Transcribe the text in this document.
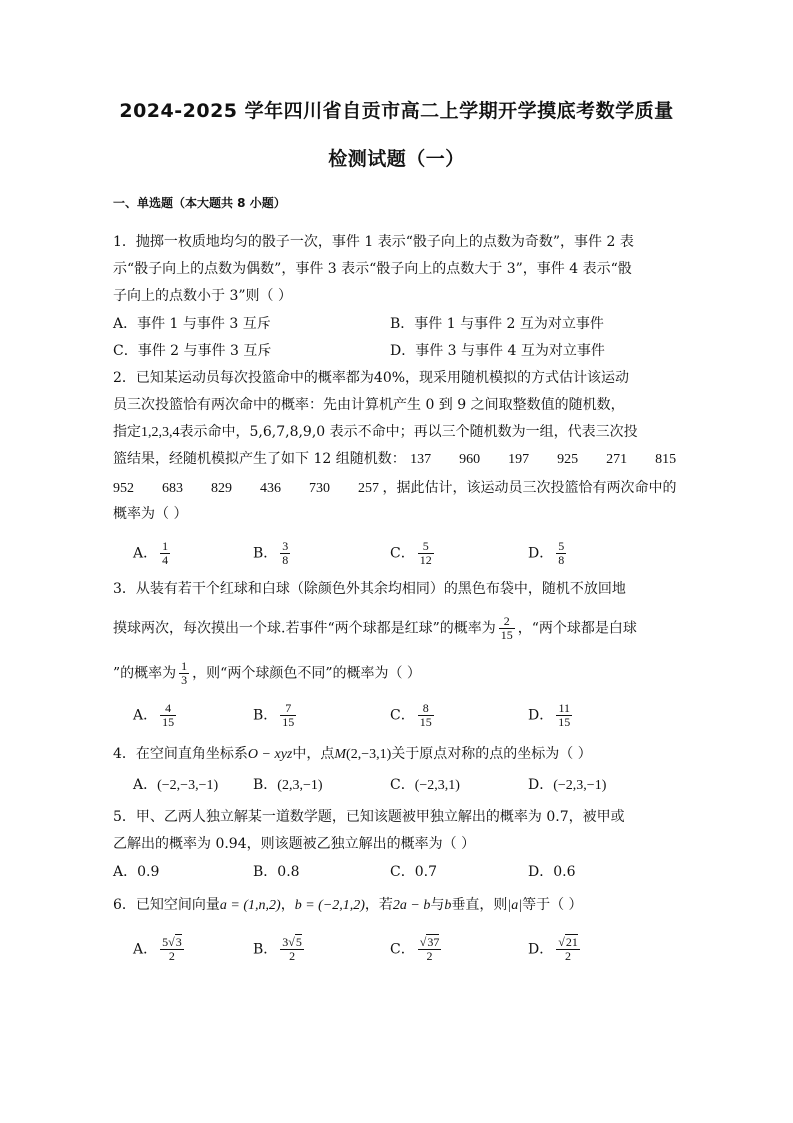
2024-2025 学年四川省自贡市高二上学期开学摸底考数学质量
检测试题（一）
一、单选题（本大题共 8 小题）
1．抛掷一枚质地均匀的骰子一次，事件 1 表示“骰子向上的点数为奇数”，事件 2 表
示“骰子向上的点数为偶数”，事件 3 表示“骰子向上的点数大于 3”，事件 4 表示“骰
子向上的点数小于 3”则（ ）
A．事件 1 与事件 3 互斥	B．事件 1 与事件 2 互为对立事件
C．事件 2 与事件 3 互斥	D．事件 3 与事件 4 互为对立事件
2．已知某运动员每次投篮命中的概率都为40%，现采用随机模拟的方式估计该运动
员三次投篮恰有两次命中的概率：先由计算机产生 0 到 9 之间取整数值的随机数，
指定1,2,3,4表示命中，5,6,7,8,9,0 表示不命中；再以三个随机数为一组，代表三次投
篮结果，经随机模拟产生了如下 12 组随机数： 137 960 197 925 271 815
952 683 829 436 730 257 ，据此估计，该运动员三次投篮恰有两次命中的
概率为（ ）
A． $\frac{1}{4}$	B． $\frac{3}{8}$	C． $\frac{5}{12}$	D． $\frac{5}{8}$
3．从装有若干个红球和白球（除颜色外其余均相同）的黑色布袋中，随机不放回地
摸球两次，每次摸出一个球.若事件“两个球都是红球”的概率为 $\frac{2}{15}$ ，“两个球都是白球
”的概率为 $\frac{1}{3}$ ，则“两个球颜色不同”的概率为（ ）
A． $\frac{4}{15}$	B． $\frac{7}{15}$	C． $\frac{8}{15}$	D． $\frac{11}{15}$
4．在空间直角坐标系O − xyz中，点M(2,−3,1)关于原点对称的点的坐标为（ ）
A．(−2,−3,−1) B．(2,3,−1)	C．(−2,3,1)	D．(−2,3,−1)
5．甲、乙两人独立解某一道数学题，已知该题被甲独立解出的概率为 0.7，被甲或
乙解出的概率为 0.94，则该题被乙独立解出的概率为（ ）
A．0.9	B．0.8	C．0.7	D．0.6
6．已知空间向量a = (1,n,2)，b = (−2,1,2)，若2a − b与b垂直，则|a|等于（ ）
A． $\frac{5√3}{2}$	B． $\frac{3√5}{2}$	C． $\frac{√37}{2}$	D． $\frac{√21}{2}$
